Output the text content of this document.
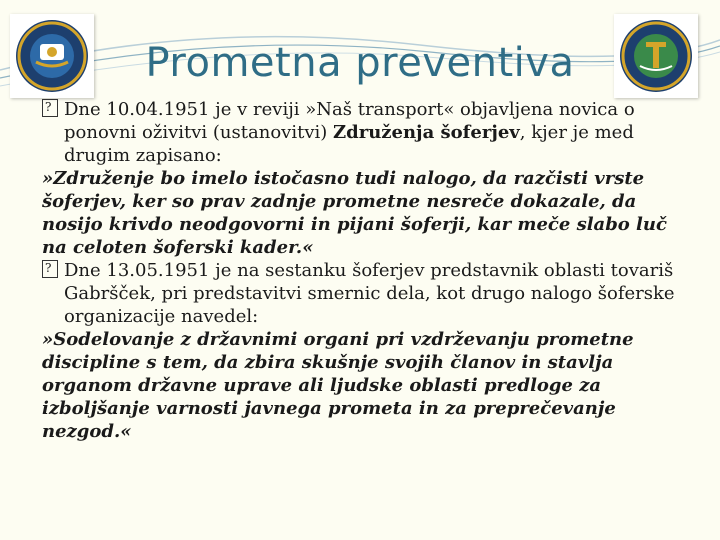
Prometna preventiva

?Dne 10.04.1951 je v reviji »Naš transport« objavljena novica o ponovni oživitvi (ustanovitvi) Združenja šoferjev, kjer je med drugim zapisano:

»Združenje bo imelo istočasno tudi nalogo, da razčisti vrste šoferjev, ker so prav zadnje prometne nesreče dokazale, da nosijo krivdo neodgovorni in pijani šoferji, kar meče slabo luč na celoten šoferski kader.«

?Dne 13.05.1951 je na sestanku šoferjev predstavnik oblasti tovariš Gabršček, pri predstavitvi smernic dela, kot drugo nalogo šoferske organizacije navedel:

»Sodelovanje z državnimi organi pri vzdrževanju prometne discipline s tem, da zbira skušnje svojih članov in stavlja organom državne uprave ali ljudske oblasti predloge za izboljšanje varnosti javnega prometa in za preprečevanje nezgod.«
